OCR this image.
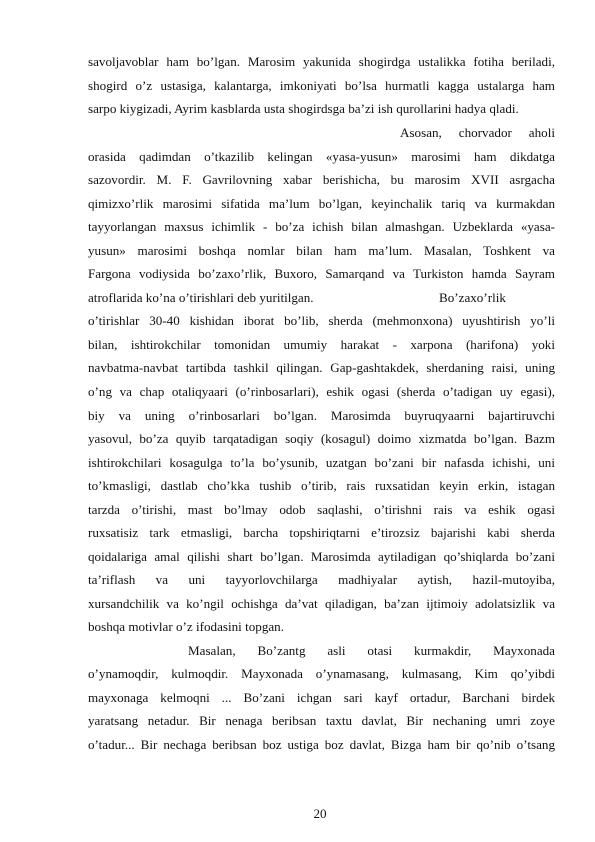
savoljavoblar ham bo’lgan. Marosim yakunida shogirdga ustalikka fotiha beriladi,
shogird o’z ustasiga, kalantarga, imkoniyati bo’lsa hurmatli kagga ustalarga ham
sarpo kiygizadi, Ayrim kasblarda usta shogirdsga ba’zi ish qurollarini hadya qladi.
Asosan, chorvador aholi
orasida qadimdan o’tkazilib kelingan «yasa-yusun» marosimi ham dikdatga
sazovordir. M. F. Gavrilovning xabar berishicha, bu marosim XVII asrgacha
qimizxo’rlik marosimi sifatida ma’lum bo’lgan, keyinchalik tariq va kurmakdan
tayyorlangan maxsus ichimlik - bo’za ichish bilan almashgan. Uzbeklarda «yasa-
yusun» marosimi boshqa nomlar bilan ham ma’lum. Masalan, Toshkent va
Fargona vodiysida bo’zaxo’rlik, Buxoro, Samarqand va Turkiston hamda Sayram
atroflarida ko’na o’tirishlari deb yuritilgan.	Bo’zaxo’rlik
o’tirishlar 30-40 kishidan iborat bo’lib, sherda (mehmonxona) uyushtirish yo’li
bilan, ishtirokchilar tomonidan umumiy harakat - xarpona (harifona) yoki
navbatma-navbat tartibda tashkil qilingan. Gap-gashtakdek, sherdaning raisi, uning
o’ng va chap otaliqyaari (o’rinbosarlari), eshik ogasi (sherda o’tadigan uy egasi),
biy va uning o’rinbosarlari bo’lgan. Marosimda buyruqyaarni bajartiruvchi
yasovul, bo’za quyib tarqatadigan soqiy (kosagul) doimo xizmatda bo’lgan. Bazm
ishtirokchilari kosagulga to’la bo’ysunib, uzatgan bo’zani bir nafasda ichishi, uni
to’kmasligi, dastlab cho’kka tushib o’tirib, rais ruxsatidan keyin erkin, istagan
tarzda o’tirishi, mast bo’lmay odob saqlashi, o’tirishni rais va eshik ogasi
ruxsatisiz tark etmasligi, barcha topshiriqtarni e’tirozsiz bajarishi kabi sherda
qoidalariga amal qilishi shart bo’lgan. Marosimda aytiladigan qo’shiqlarda bo’zani
ta’riflash va uni tayyorlovchilarga madhiyalar aytish, hazil-mutoyiba,
xursandchilik va ko’ngil ochishga da’vat qiladigan, ba’zan ijtimoiy adolatsizlik va
boshqa motivlar o’z ifodasini topgan.
Masalan, Bo’zantg asli otasi kurmakdir, Mayxonada
o’ynamoqdir, kulmoqdir. Mayxonada o’ynamasang, kulmasang, Kim qo’yibdi
mayxonaga kelmoqni ... Bo’zani ichgan sari kayf ortadur, Barchani birdek
yaratsang netadur. Bir nenaga beribsan taxtu davlat, Bir nechaning umri zoye
o’tadur... Bir nechaga beribsan boz ustiga boz davlat, Bizga ham bir qo’nib o’tsang
20
